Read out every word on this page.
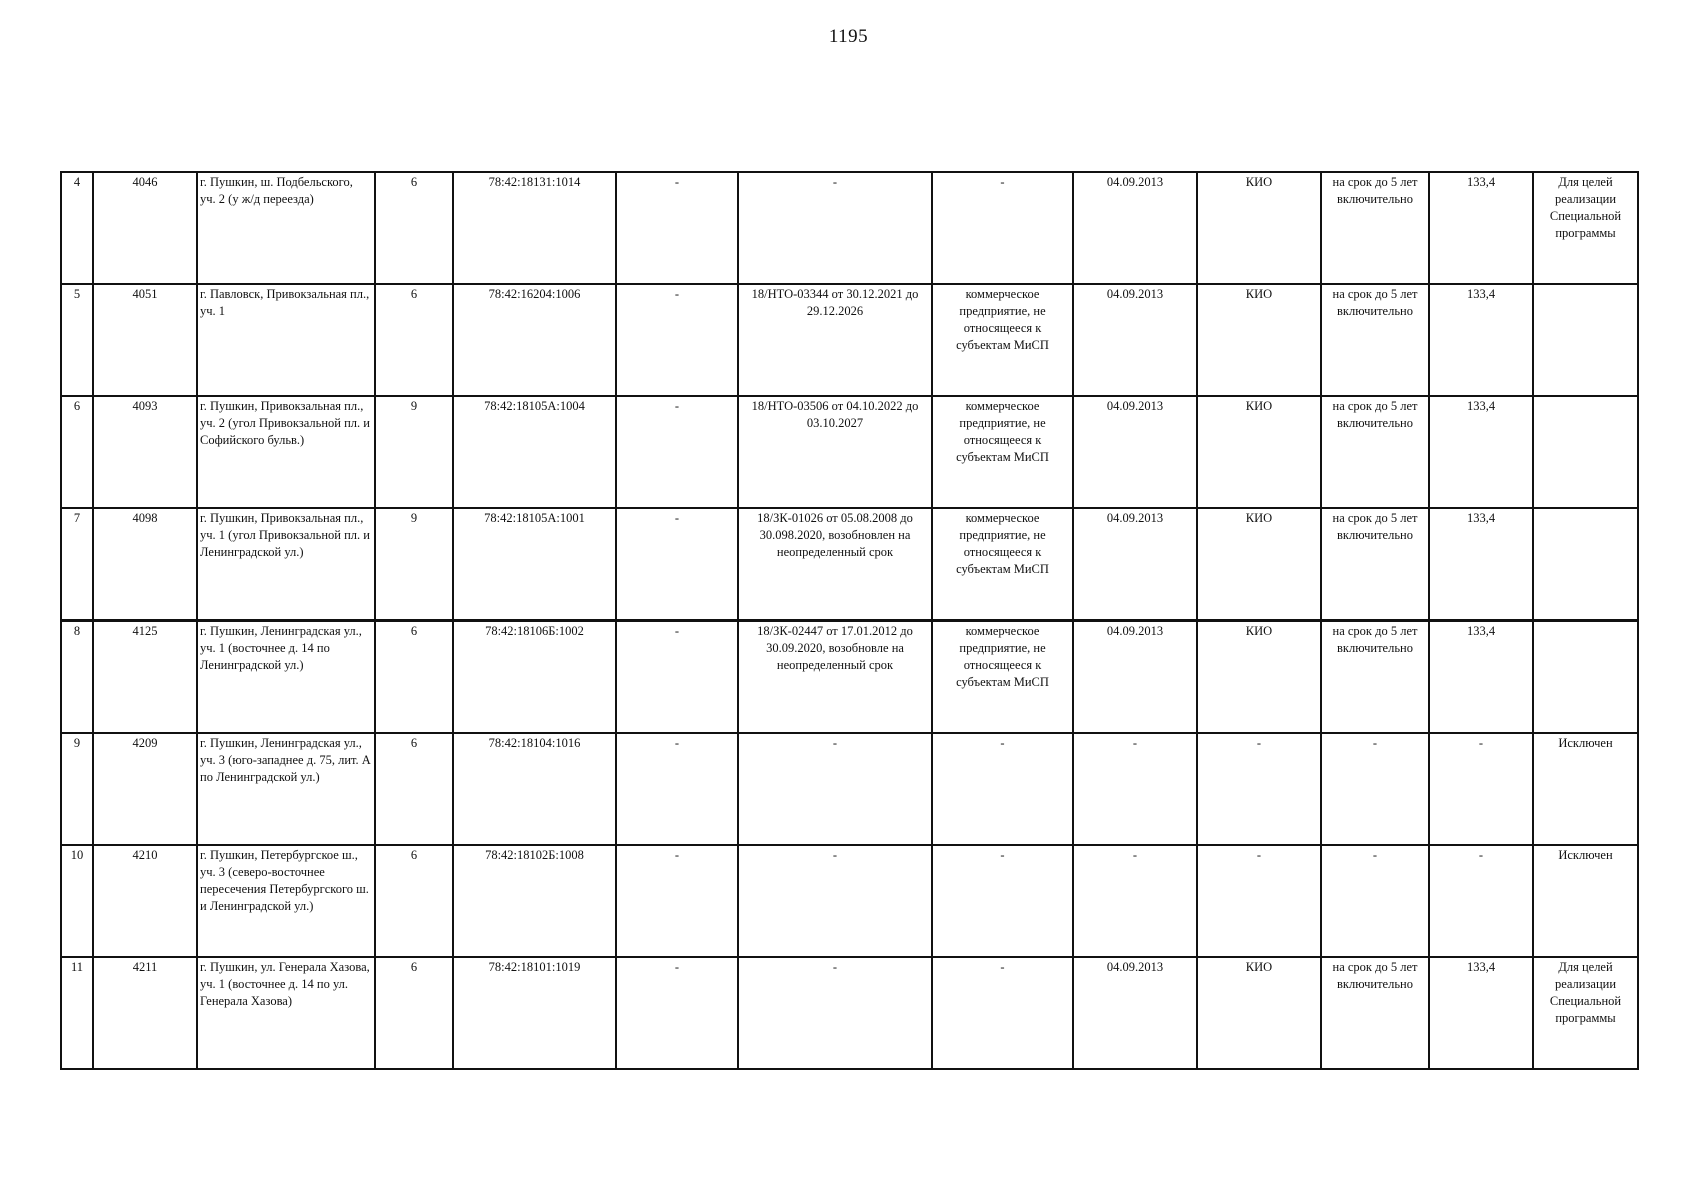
1195
4	4046	г. Пушкин, ш. Подбельского, уч. 2 (у ж/д переезда)	6	78:42:18131:1014	-	-	-	04.09.2013	КИО	на срок до 5 лет включительно	133,4	Для целей реализации Специальной программы
5	4051	г. Павловск, Привокзальная пл., уч. 1	6	78:42:16204:1006	-	18/НТО-03344 от 30.12.2021 до 29.12.2026	коммерческое предприятие, не относящееся к субъектам МиСП	04.09.2013	КИО	на срок до 5 лет включительно	133,4	
6	4093	г. Пушкин, Привокзальная пл., уч. 2 (угол Привокзальной пл. и Софийского бульв.)	9	78:42:18105А:1004	-	18/НТО-03506 от 04.10.2022 до 03.10.2027	коммерческое предприятие, не относящееся к субъектам МиСП	04.09.2013	КИО	на срок до 5 лет включительно	133,4	
7	4098	г. Пушкин, Привокзальная пл., уч. 1 (угол Привокзальной пл. и Ленинградской ул.)	9	78:42:18105А:1001	-	18/ЗК-01026 от 05.08.2008 до 30.098.2020, возобновлен на неопределенный срок	коммерческое предприятие, не относящееся к субъектам МиСП	04.09.2013	КИО	на срок до 5 лет включительно	133,4	
8	4125	г. Пушкин, Ленинградская ул., уч. 1 (восточнее д. 14 по Ленинградской ул.)	6	78:42:18106Б:1002	-	18/ЗК-02447 от 17.01.2012 до 30.09.2020, возобновле на неопределенный срок	коммерческое предприятие, не относящееся к субъектам МиСП	04.09.2013	КИО	на срок до 5 лет включительно	133,4	
9	4209	г. Пушкин, Ленинградская ул., уч. 3 (юго-западнее д. 75, лит. А по Ленинградской ул.)	6	78:42:18104:1016	-	-	-	-	-	-	-	Исключен
10	4210	г. Пушкин, Петербургское ш., уч. 3 (северо-восточнее пересечения Петербургского ш. и Ленинградской ул.)	6	78:42:18102Б:1008	-	-	-	-	-	-	-	Исключен
11	4211	г. Пушкин, ул. Генерала Хазова, уч. 1 (восточнее д. 14 по ул. Генерала Хазова)	6	78:42:18101:1019	-	-	-	04.09.2013	КИО	на срок до 5 лет включительно	133,4	Для целей реализации Специальной программы
